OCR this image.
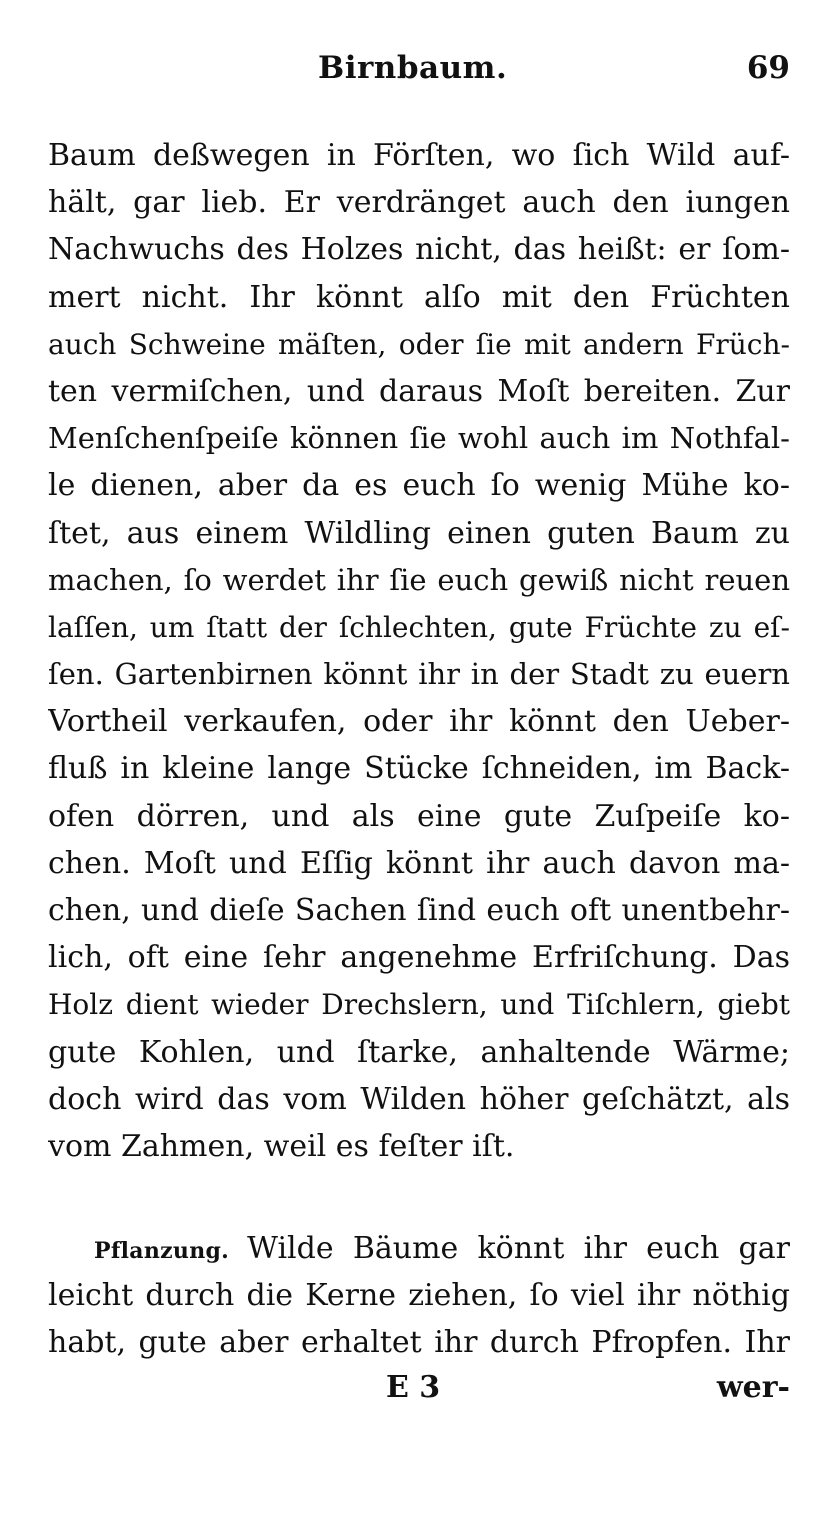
Birnbaum.	69
Baum deßwegen in Förſten, wo ſich Wild auf-
hält, gar lieb. Er verdränget auch den iungen
Nachwuchs des Holzes nicht, das heißt: er ſom-
mert nicht. Ihr könnt alſo mit den Früchten
auch Schweine mäſten, oder ſie mit andern Früch-
ten vermiſchen, und daraus Moſt bereiten. Zur
Menſchenſpeiſe können ſie wohl auch im Nothfal-
le dienen, aber da es euch ſo wenig Mühe ko-
ſtet, aus einem Wildling einen guten Baum zu
machen, ſo werdet ihr ſie euch gewiß nicht reuen
laſſen, um ſtatt der ſchlechten, gute Früchte zu eſ-
ſen. Gartenbirnen könnt ihr in der Stadt zu euern
Vortheil verkaufen, oder ihr könnt den Ueber-
fluß in kleine lange Stücke ſchneiden, im Back-
ofen dörren, und als eine gute Zuſpeiſe ko-
chen. Moſt und Eſſig könnt ihr auch davon ma-
chen, und dieſe Sachen ſind euch oft unentbehr-
lich, oft eine ſehr angenehme Erfriſchung. Das
Holz dient wieder Drechslern, und Tiſchlern, giebt
gute Kohlen, und ſtarke, anhaltende Wärme;
doch wird das vom Wilden höher geſchätzt, als
vom Zahmen, weil es feſter iſt.
Pflanzung. Wilde Bäume könnt ihr euch gar
leicht durch die Kerne ziehen, ſo viel ihr nöthig
habt, gute aber erhaltet ihr durch Pfropfen. Ihr
E 3	wer-
